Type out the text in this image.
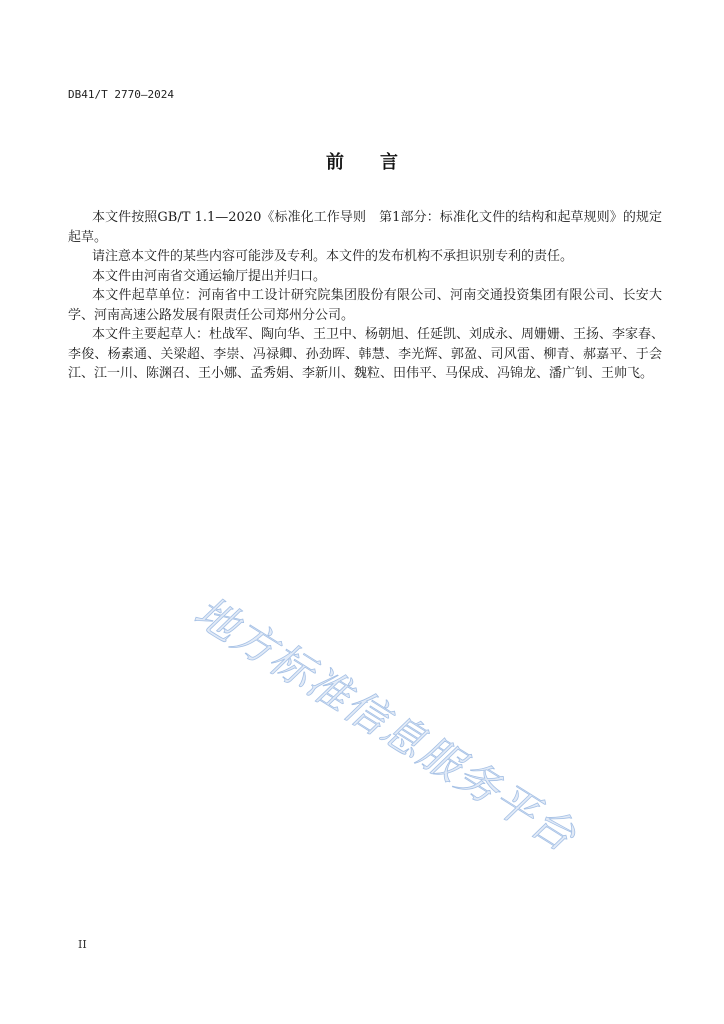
DB41/T 2770—2024
前　　言
本文件按照GB/T 1.1—2020《标准化工作导则　第1部分：标准化文件的结构和起草规则》的规定
起草。
请注意本文件的某些内容可能涉及专利。本文件的发布机构不承担识别专利的责任。
本文件由河南省交通运输厅提出并归口。
本文件起草单位：河南省中工设计研究院集团股份有限公司、河南交通投资集团有限公司、长安大
学、河南高速公路发展有限责任公司郑州分公司。
本文件主要起草人：杜战军、陶向华、王卫中、杨朝旭、任延凯、刘成永、周姗姗、王扬、李家春、
李俊、杨素通、关梁超、李崇、冯禄卿、孙劲晖、韩慧、李光辉、郭盈、司风雷、柳青、郝嘉平、于会
江、江一川、陈渊召、王小娜、孟秀娟、李新川、魏粒、田伟平、马保成、冯锦龙、潘广钊、王帅飞。
地方标准信息服务平台
II
